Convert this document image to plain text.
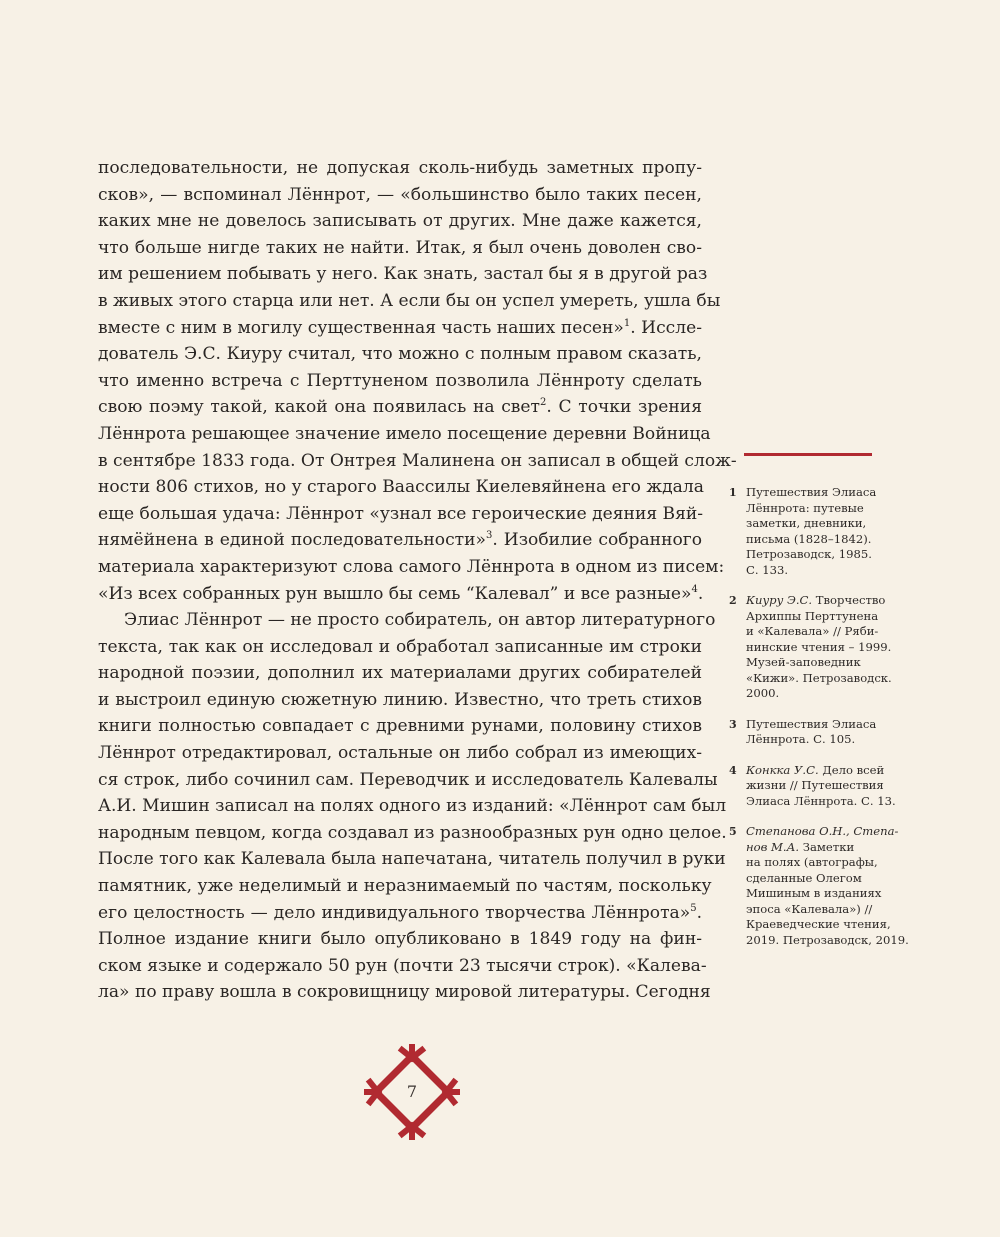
последовательности, не допуская сколь-нибудь заметных пропу-
сков», — вспоминал Лённрот, — «большинство было таких песен,
каких мне не довелось записывать от других. Мне даже кажется,
что больше нигде таких не найти. Итак, я был очень доволен сво-
им решением побывать у него. Как знать, застал бы я в другой раз
в живых этого старца или нет. А если бы он успел умереть, ушла бы
вместе с ним в могилу существенная часть наших песен»$^1$. Иссле-
дователь Э.С. Киуру считал, что можно с полным правом сказать,
что именно встреча с Перттуненом позволила Лённроту сделать
свою поэму такой, какой она появилась на свет$^2$. С точки зрения
Лённрота решающее значение имело посещение деревни Войница
в сентябре 1833 года. От Онтрея Малинена он записал в общей слож-
ности 806 стихов, но у старого Ваассилы Киелевяйнена его ждала
еще большая удача: Лённрот «узнал все героические деяния Вяй-
нямёйнена в единой последовательности»$^3$. Изобилие собранного
материала характеризуют слова самого Лённрота в одном из писем:
«Из всех собранных рун вышло бы семь “Калевал” и все разные»$^4$.
Элиас Лённрот — не просто собиратель, он автор литературного
текста, так как он исследовал и обработал записанные им строки
народной поэзии, дополнил их материалами других собирателей
и выстроил единую сюжетную линию. Известно, что треть стихов
книги полностью совпадает с древними рунами, половину стихов
Лённрот отредактировал, остальные он либо собрал из имеющих-
ся строк, либо сочинил сам. Переводчик и исследователь Калевалы
А.И. Мишин записал на полях одного из изданий: «Лённрот сам был
народным певцом, когда создавал из разнообразных рун одно целое.
После того как Калевала была напечатана, читатель получил в руки
памятник, уже неделимый и неразнимаемый по частям, поскольку
его целостность — дело индивидуального творчества Лённрота»$^5$.
Полное издание книги было опубликовано в 1849 году на фин-
ском языке и содержало 50 рун (почти 23 тысячи строк). «Калева-
ла» по праву вошла в сокровищницу мировой литературы. Сегодня
1 Путешествия Элиаса
Лённрота: путевые
заметки, дневники,
письма (1828–1842).
Петрозаводск, 1985.
С. 133.
2 Киуру Э.С. Творчество
Архиппы Перттунена
и «Калевала» // Ряби-
нинские чтения – 1999.
Музей-заповедник
«Кижи». Петрозаводск.
2000.
3 Путешествия Элиаса
Лённрота. С. 105.
4 Конкка У.С. Дело всей
жизни // Путешествия
Элиаса Лённрота. С. 13.
5 Степанова О.Н., Степа-
нов М.А. Заметки
на полях (автографы,
сделанные Олегом
Мишиным в изданиях
эпоса «Калевала») //
Краеведческие чтения,
2019. Петрозаводск, 2019.
7
